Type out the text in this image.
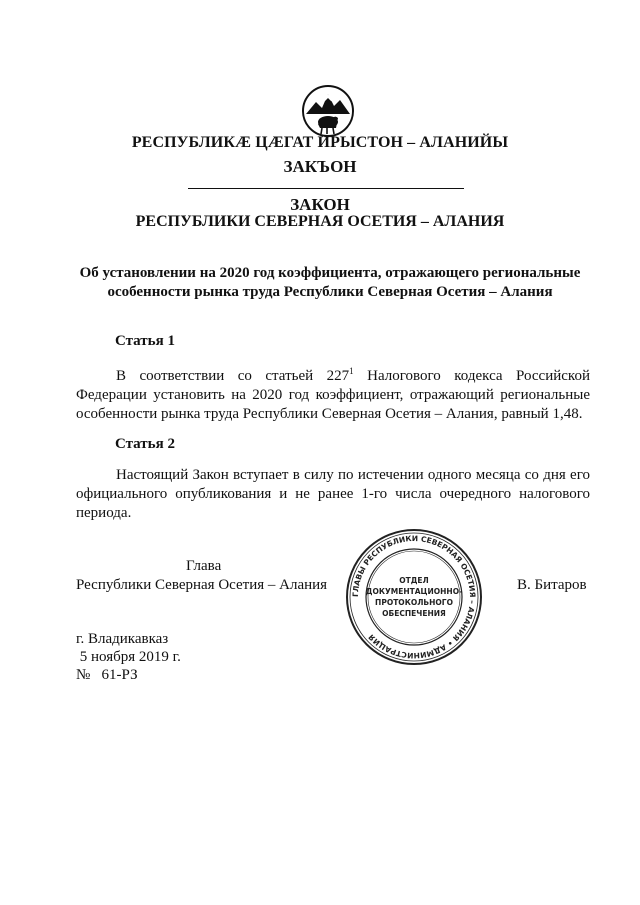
РЕСПУБЛИКÆ ЦÆГАТ ИРЫСТОН – АЛАНИЙЫ
ЗАКЪОН
ЗАКОН
РЕСПУБЛИКИ СЕВЕРНАЯ ОСЕТИЯ – АЛАНИЯ
Об установлении на 2020 год коэффициента, отражающего региональные
особенности рынка труда Республики Северная Осетия – Алания
Статья 1
В соответствии со статьей $227^1$ Налогового кодекса Российской
Федерации установить на 2020 год коэффициент, отражающий региональные
особенности рынка труда Республики Северная Осетия – Алания, равный 1,48.
Статья 2
Настоящий Закон вступает в силу по истечении одного месяца со дня его
официального опубликования и не ранее 1-го числа очередного налогового
периода.
Глава
Республики Северная Осетия – Алания	В. Битаров
ГЛАВЫ РЕСПУБЛИКИ СЕВЕРНАЯ ОСЕТИЯ – АЛАНИЯ • АДМИНИСТРАЦИЯ
ОТДЕЛ
ДОКУМЕНТАЦИОННО-
ПРОТОКОЛЬНОГО
ОБЕСПЕЧЕНИЯ
г. Владикавказ
5 ноября 2019 г.
№   61-РЗ
